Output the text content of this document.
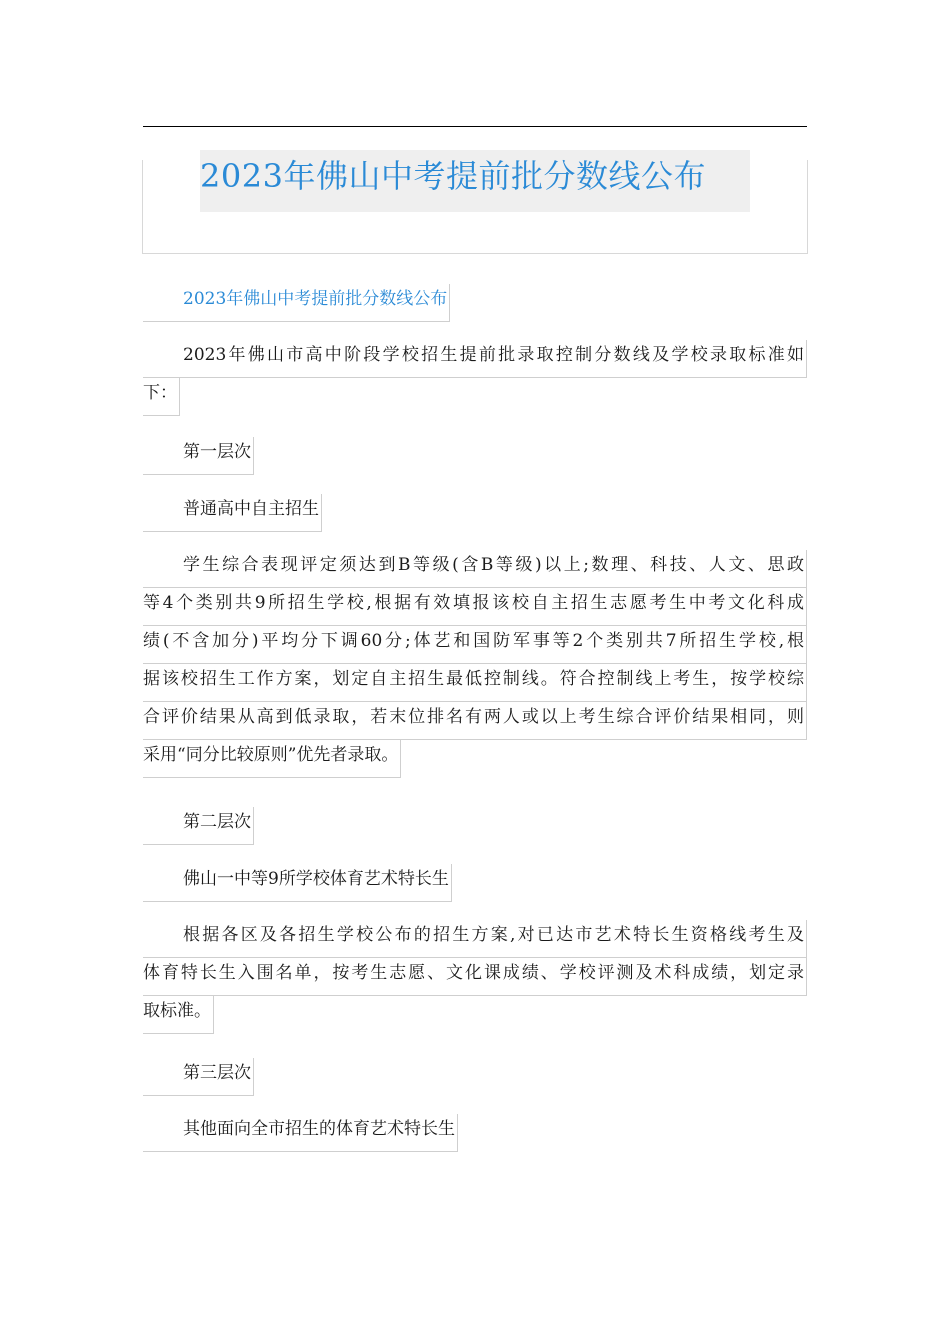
2023年佛山中考提前批分数线公布
2023年佛山中考提前批分数线公布
2023年佛山市高中阶段学校招生提前批录取控制分数线及学校录取标准如
下：
第一层次
普通高中自主招生
学生综合表现评定须达到B等级(含B等级)以上;数理、科技、人文、思政
等4个类别共9所招生学校,根据有效填报该校自主招生志愿考生中考文化科成
绩(不含加分)平均分下调60分;体艺和国防军事等2个类别共7所招生学校,根
据该校招生工作方案，划定自主招生最低控制线。符合控制线上考生，按学校综
合评价结果从高到低录取，若末位排名有两人或以上考生综合评价结果相同，则
采用“同分比较原则”优先者录取。
第二层次
佛山一中等9所学校体育艺术特长生
根据各区及各招生学校公布的招生方案,对已达市艺术特长生资格线考生及
体育特长生入围名单，按考生志愿、文化课成绩、学校评测及术科成绩，划定录
取标准。
第三层次
其他面向全市招生的体育艺术特长生
